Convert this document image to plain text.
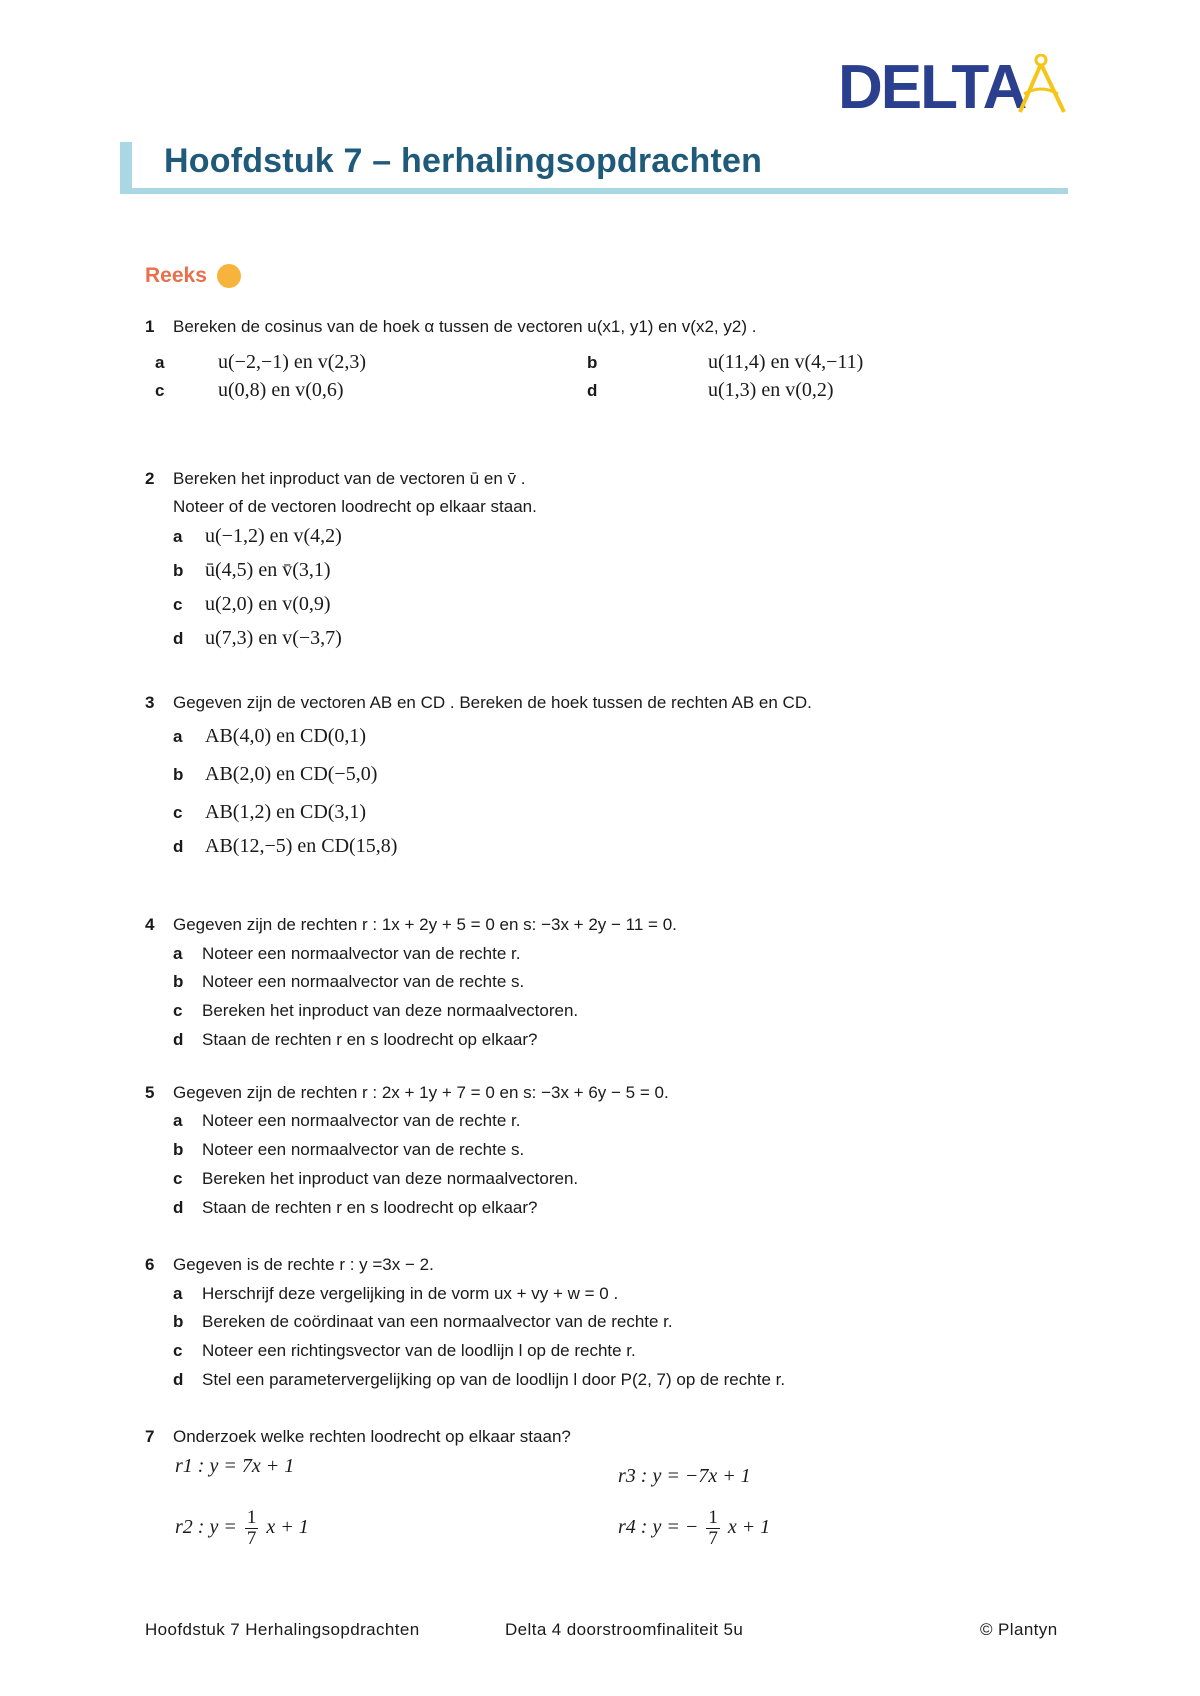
DELTA
Hoofdstuk 7 – herhalingsopdrachten
Reeks
1 Bereken de cosinus van de hoek α tussen de vectoren u(x1, y1) en v(x2, y2) .
a	u(−2,−1) en v(2,3)	b	u(11,4) en v(4,−11)
c	u(0,8) en v(0,6)	d	u(1,3) en v(0,2)
2 Bereken het inproduct van de vectoren ū en v̄ .
Noteer of de vectoren loodrecht op elkaar staan.
a u(−1,2) en v(4,2)
b ū(4,5) en v̄(3,1)
c u(2,0) en v(0,9)
d u(7,3) en v(−3,7)
3 Gegeven zijn de vectoren AB en CD . Bereken de hoek tussen de rechten AB en CD.
a AB(4,0) en CD(0,1)
b AB(2,0) en CD(−5,0)
c AB(1,2) en CD(3,1)
d AB(12,−5) en CD(15,8)
4 Gegeven zijn de rechten r : 1x + 2y + 5 = 0 en s: −3x + 2y − 11 = 0.
a Noteer een normaalvector van de rechte r.
b Noteer een normaalvector van de rechte s.
c Bereken het inproduct van deze normaalvectoren.
d Staan de rechten r en s loodrecht op elkaar?
5 Gegeven zijn de rechten r : 2x + 1y + 7 = 0 en s: −3x + 6y − 5 = 0.
a Noteer een normaalvector van de rechte r.
b Noteer een normaalvector van de rechte s.
c Bereken het inproduct van deze normaalvectoren.
d Staan de rechten r en s loodrecht op elkaar?
6 Gegeven is de rechte r : y =3x − 2.
a Herschrijf deze vergelijking in de vorm ux + vy + w = 0 .
b Bereken de coördinaat van een normaalvector van de rechte r.
c Noteer een richtingsvector van de loodlijn l op de rechte r.
d Stel een parametervergelijking op van de loodlijn l door P(2, 7) op de rechte r.
7 Onderzoek welke rechten loodrecht op elkaar staan?
r1 : y = 7x + 1	r3 : y = −7x + 1
r2 : $y = \frac{1}{7}$ x + 1	r4 : y = − $\frac{1}{7}$ x + 1
Hoofdstuk 7 Herhalingsopdrachten	Delta 4 doorstroomfinaliteit 5u	© Plantyn
